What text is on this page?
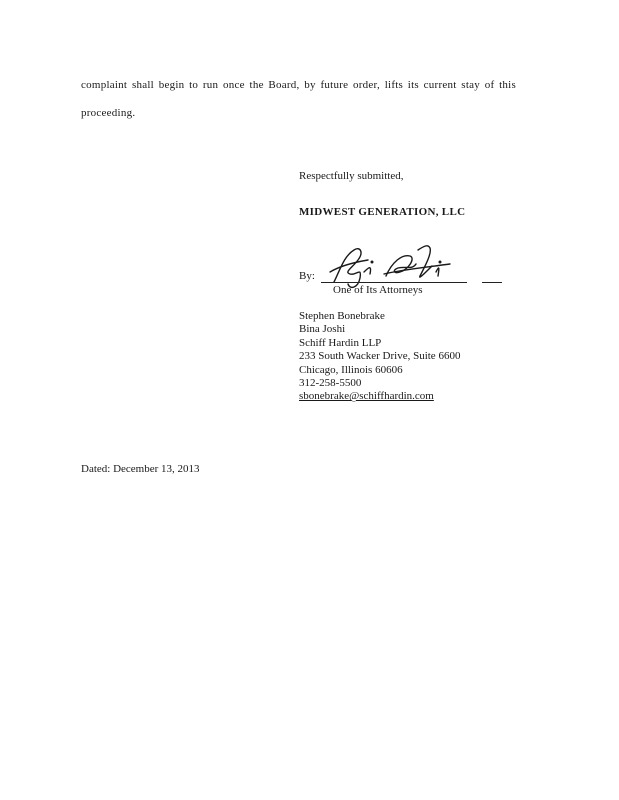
complaint shall begin to run once the Board, by future order, lifts its current stay of this
proceeding.
Respectfully submitted,
MIDWEST GENERATION, LLC
By:
One of Its Attorneys
Stephen Bonebrake
Bina Joshi
Schiff Hardin LLP
233 South Wacker Drive, Suite 6600
Chicago, Illinois 60606
312-258-5500
sbonebrake@schiffhardin.com
Dated: December 13, 2013
